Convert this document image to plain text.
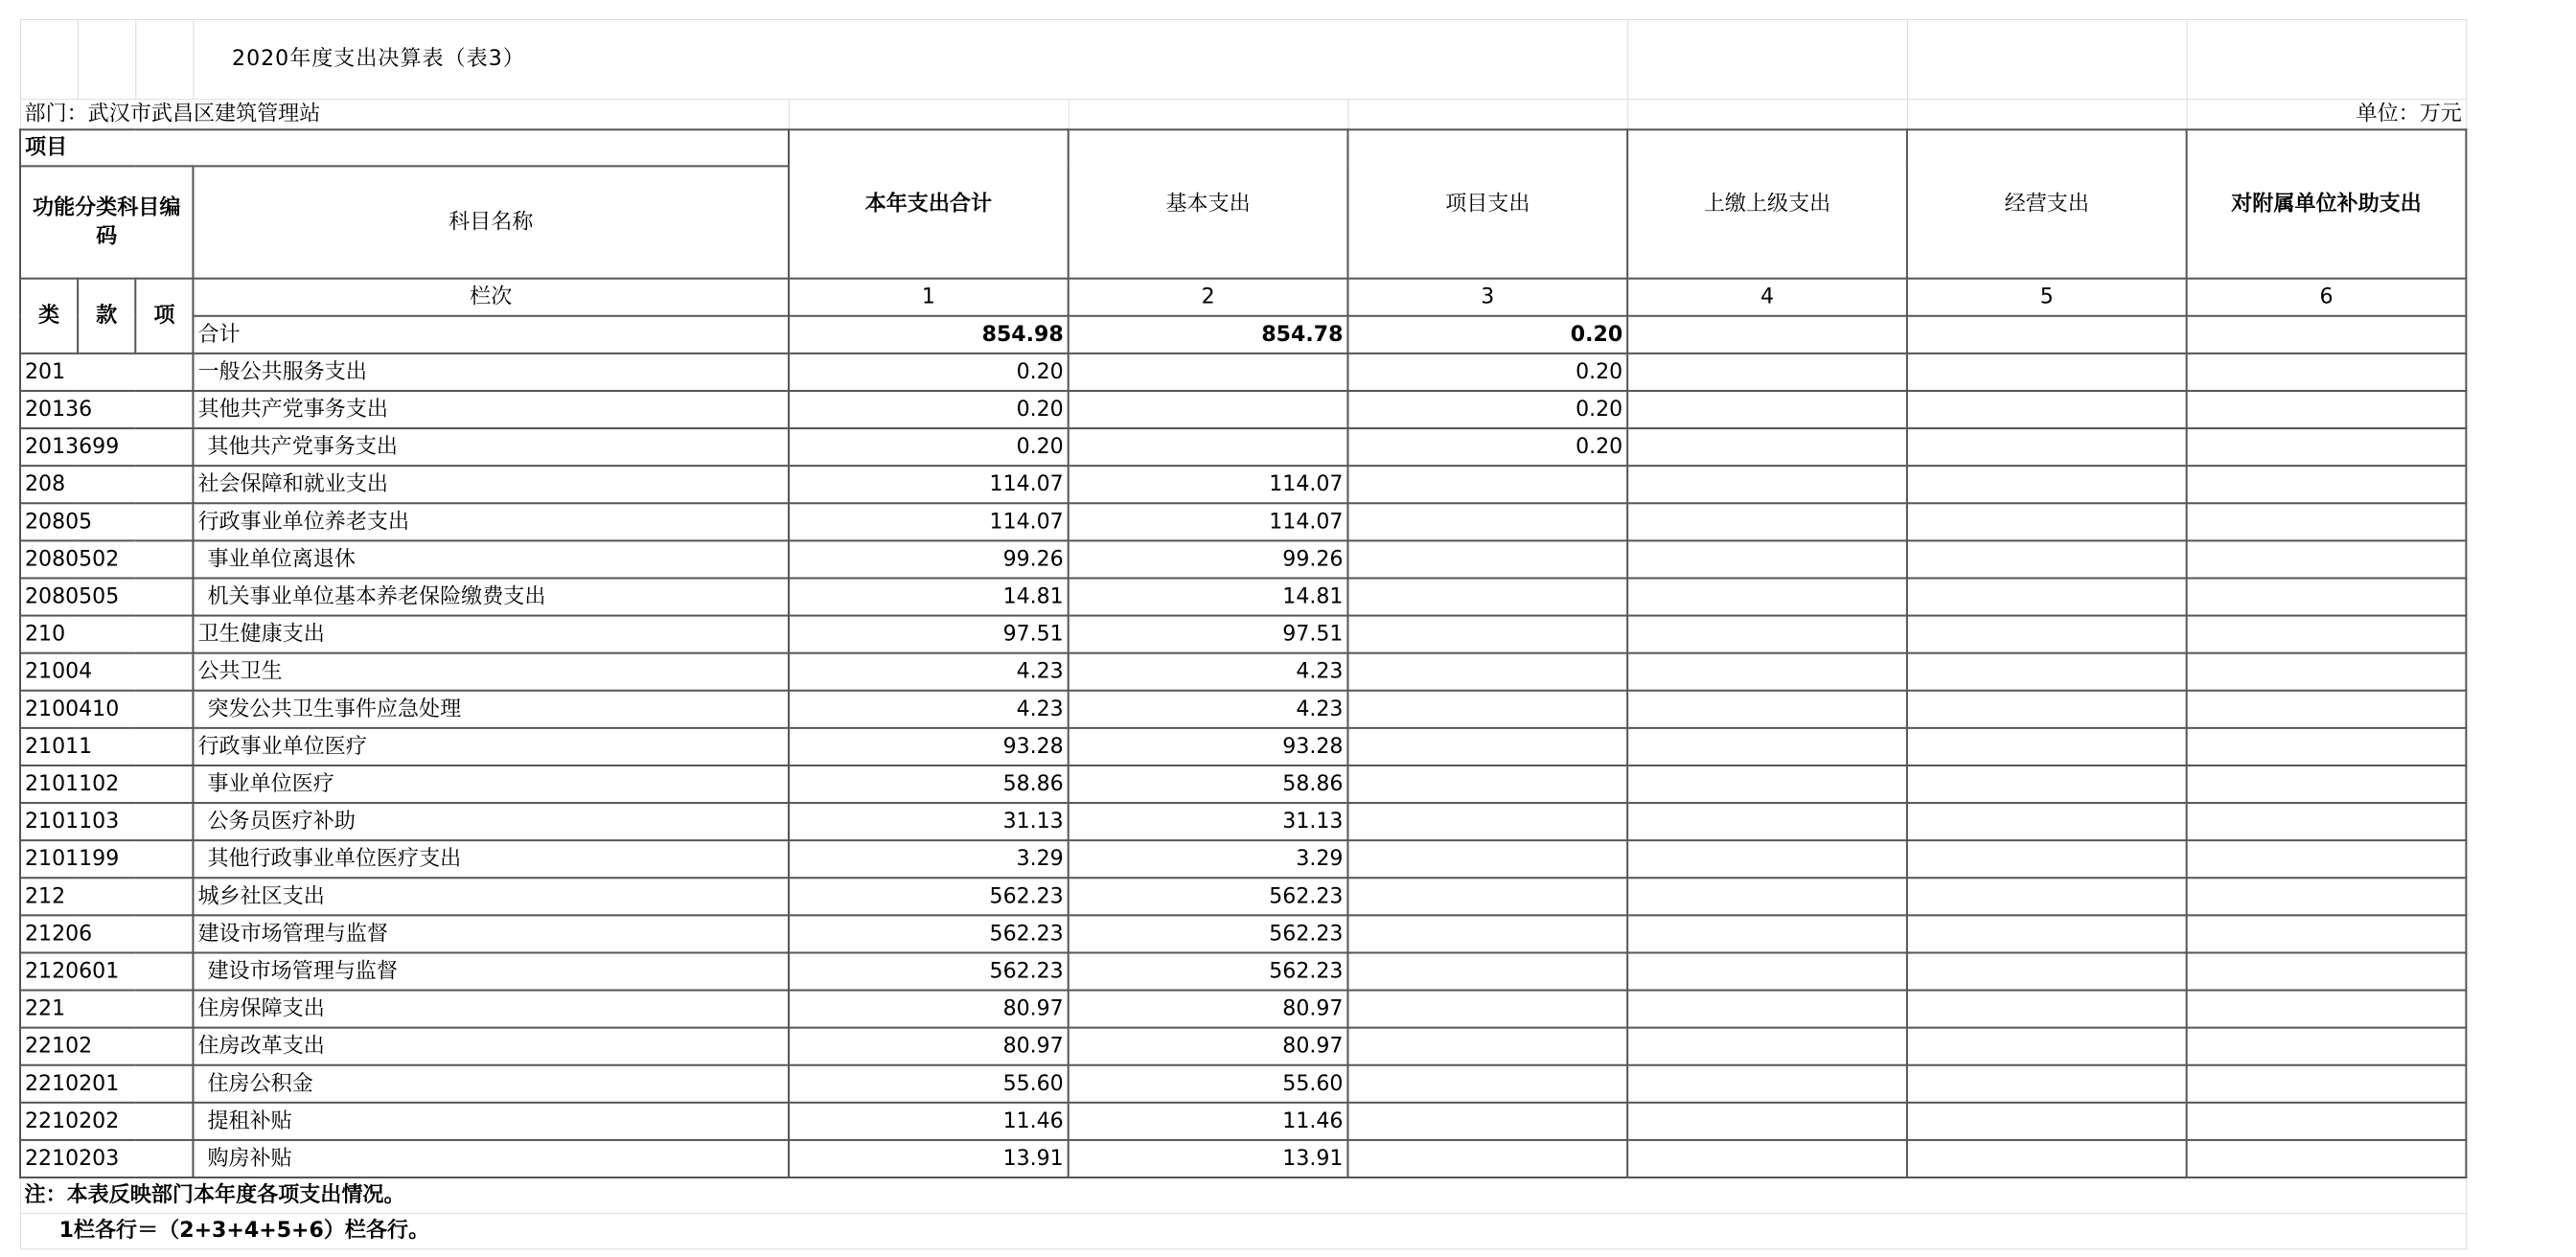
			2020年度支出决算表（表3）						
部门：武汉市武昌区建筑管理站									单位：万元
项目				本年支出合计	基本支出	项目支出	上缴上级支出	经营支出	对附属单位补助支出
功能分类科目编码			科目名称						
类	款	项	栏次	1	2	3	4	5	6
			合计	854.98	854.78	0.20			
201			一般公共服务支出	0.20		0.20			
20136			其他共产党事务支出	0.20		0.20			
2013699			其他共产党事务支出	0.20		0.20			
208			社会保障和就业支出	114.07	114.07				
20805			行政事业单位养老支出	114.07	114.07				
2080502			事业单位离退休	99.26	99.26				
2080505			机关事业单位基本养老保险缴费支出	14.81	14.81				
210			卫生健康支出	97.51	97.51				
21004			公共卫生	4.23	4.23				
2100410			突发公共卫生事件应急处理	4.23	4.23				
21011			行政事业单位医疗	93.28	93.28				
2101102			事业单位医疗	58.86	58.86				
2101103			公务员医疗补助	31.13	31.13				
2101199			其他行政事业单位医疗支出	3.29	3.29				
212			城乡社区支出	562.23	562.23				
21206			建设市场管理与监督	562.23	562.23				
2120601			建设市场管理与监督	562.23	562.23				
221			住房保障支出	80.97	80.97				
22102			住房改革支出	80.97	80.97				
2210201			住房公积金	55.60	55.60				
2210202			提租补贴	11.46	11.46				
2210203			购房补贴	13.91	13.91				
注：本表反映部门本年度各项支出情况。									
1栏各行＝（2+3+4+5+6）栏各行。									
